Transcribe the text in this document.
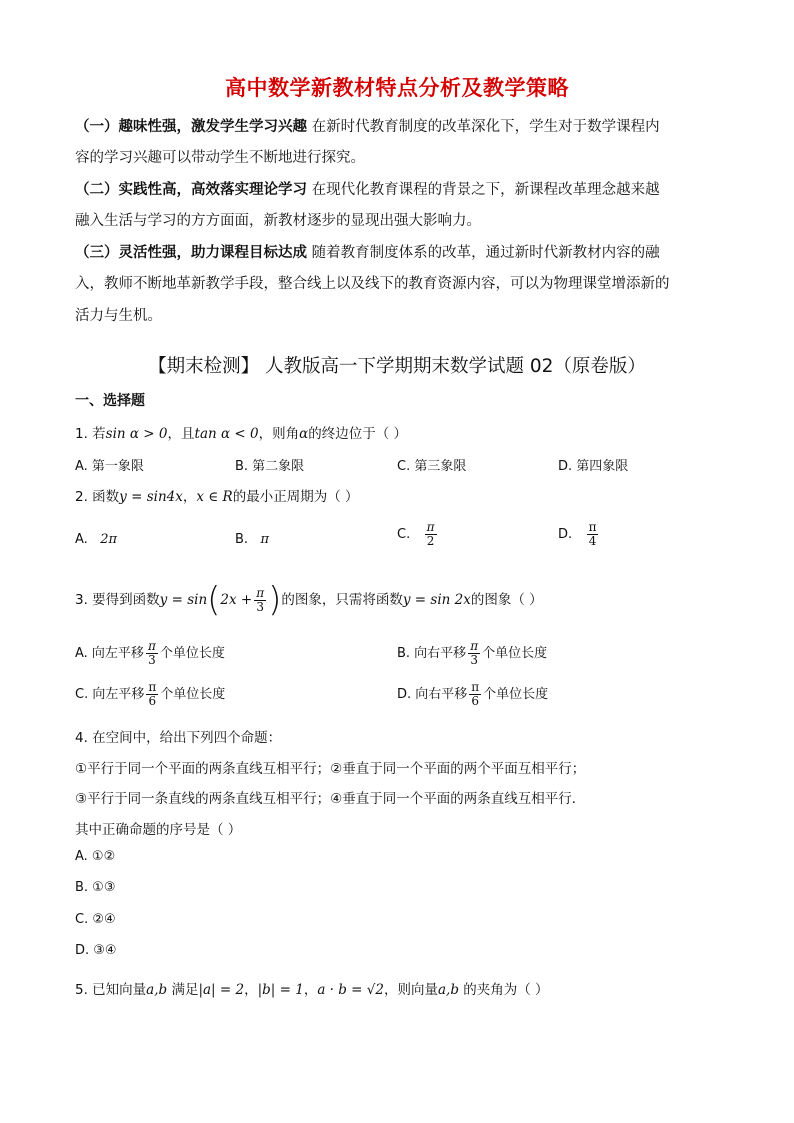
高中数学新教材特点分析及教学策略
（一）趣味性强，激发学生学习兴趣 在新时代教育制度的改革深化下，学生对于数学课程内
容的学习兴趣可以带动学生不断地进行探究。
（二）实践性高，高效落实理论学习 在现代化教育课程的背景之下，新课程改革理念越来越
融入生活与学习的方方面面，新教材逐步的显现出强大影响力。
（三）灵活性强，助力课程目标达成 随着教育制度体系的改革，通过新时代新教材内容的融
入，教师不断地革新教学手段，整合线上以及线下的教育资源内容，可以为物理课堂增添新的
活力与生机。
【期末检测】 人教版高一下学期期末数学试题 02（原卷版）
一、选择题
1. 若sin α > 0，且tan α < 0，则角α的终边位于（ ）
A. 第一象限	B. 第二象限	C. 第三象限	D. 第四象限
2. 函数y = sin4x，x ∈ R的最小正周期为（ ）
A. 2π	B. π	C. $\frac{\pi}{2}$	D. $\frac{\pi}{4}$
3. 要得到函数$y = \sin(2x + \frac{\pi}{3}$ )的图象，只需将函数y = sin 2x的图象（ ）
A. 向左平移 $\frac{\pi}{3}$ 个单位长度	B. 向右平移 $\frac{\pi}{3}$ 个单位长度
C. 向左平移 $\frac{\pi}{6}$ 个单位长度	D. 向右平移 $\frac{\pi}{6}$ 个单位长度
4. 在空间中，给出下列四个命题：
①平行于同一个平面的两条直线互相平行；②垂直于同一个平面的两个平面互相平行；
③平行于同一条直线的两条直线互相平行；④垂直于同一个平面的两条直线互相平行．
其中正确命题的序号是（ ）
A. ①②
B. ①③
C. ②④
D. ③④
5. 已知向量a,b 满足|a| = 2，|b| = 1，a · b = √2，则向量a,b 的夹角为（ ）
